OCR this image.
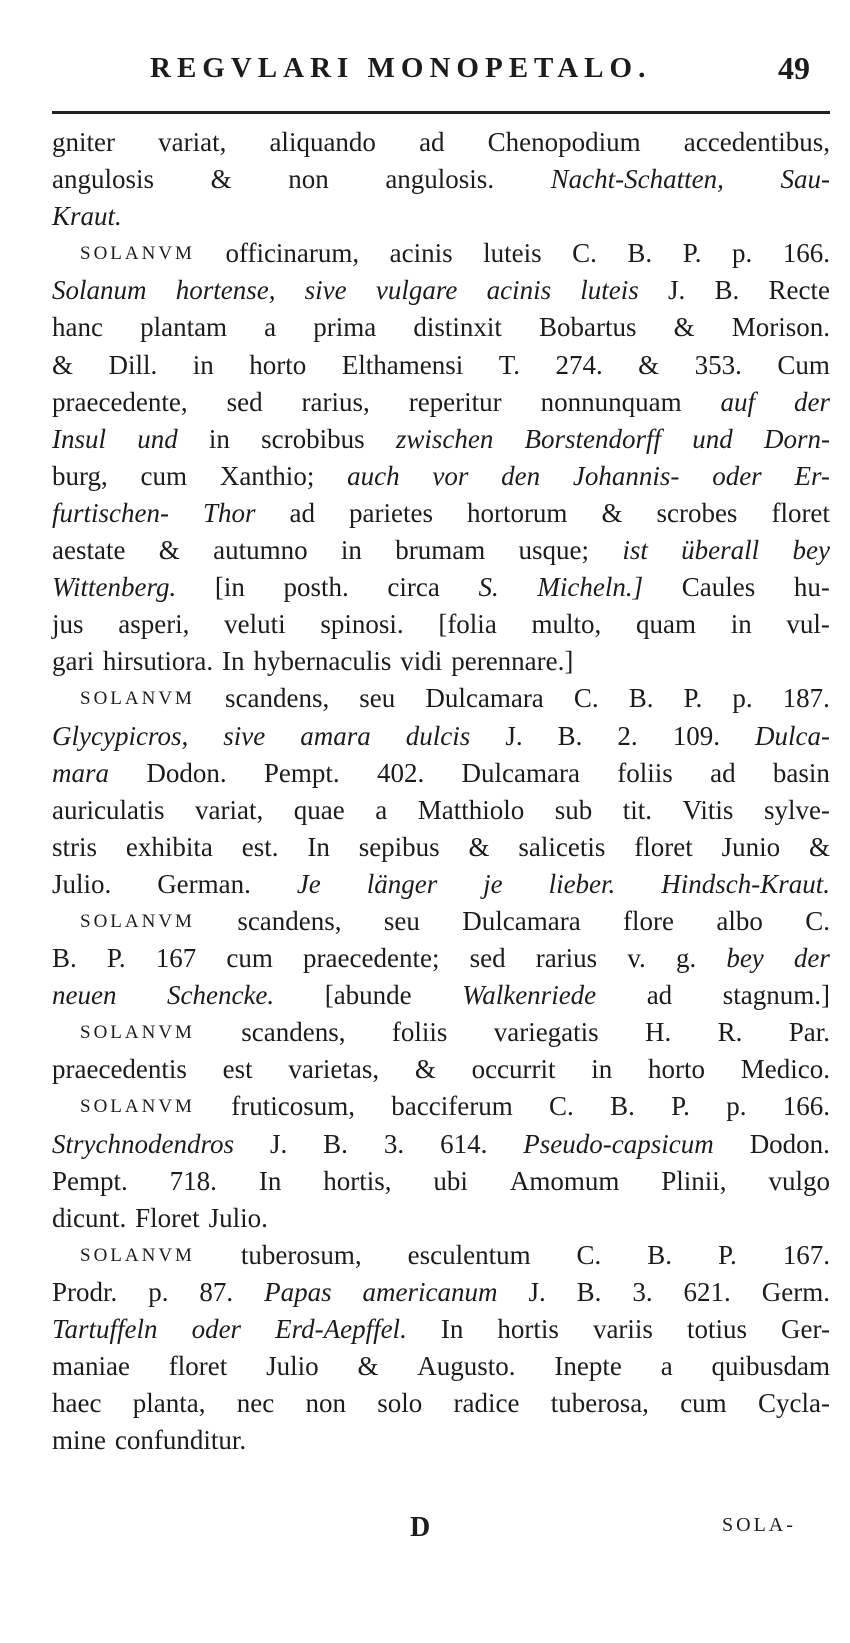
REGVLARI MONOPETALO.	49
gniter variat, aliquando ad Chenopodium accedentibus,
angulosis & non angulosis. Nacht-Schatten, Sau-
Kraut.
SOLANVM officinarum, acinis luteis C. B. P. p. 166.
Solanum hortense, sive vulgare acinis luteis J. B. Recte
hanc plantam a prima distinxit Bobartus & Morison.
& Dill. in horto Elthamensi T. 274. & 353. Cum
praecedente, sed rarius, reperitur nonnunquam auf der
Insul und in scrobibus zwischen Borstendorff und Dorn-
burg, cum Xanthio; auch vor den Johannis- oder Er-
furtischen- Thor ad parietes hortorum & scrobes floret
aestate & autumno in brumam usque; ist überall bey
Wittenberg. [in posth. circa S. Micheln.] Caules hu-
jus asperi, veluti spinosi. [folia multo, quam in vul-
gari hirsutiora. In hybernaculis vidi perennare.]
SOLANVM scandens, seu Dulcamara C. B. P. p. 187.
Glycypicros, sive amara dulcis J. B. 2. 109. Dulca-
mara Dodon. Pempt. 402. Dulcamara foliis ad basin
auriculatis variat, quae a Matthiolo sub tit. Vitis sylve-
stris exhibita est. In sepibus & salicetis floret Junio &
Julio. German. Je länger je lieber. Hindsch-Kraut.
SOLANVM scandens, seu Dulcamara flore albo C.
B. P. 167 cum praecedente; sed rarius v. g. bey der
neuen Schencke. [abunde Walkenriede ad stagnum.]
SOLANVM scandens, foliis variegatis H. R. Par.
praecedentis est varietas, & occurrit in horto Medico.
SOLANVM fruticosum, bacciferum C. B. P. p. 166.
Strychnodendros J. B. 3. 614. Pseudo-capsicum Dodon.
Pempt. 718. In hortis, ubi Amomum Plinii, vulgo
dicunt. Floret Julio.
SOLANVM tuberosum, esculentum C. B. P. 167.
Prodr. p. 87. Papas americanum J. B. 3. 621. Germ.
Tartuffeln oder Erd-Aepffel. In hortis variis totius Ger-
maniae floret Julio & Augusto. Inepte a quibusdam
haec planta, nec non solo radice tuberosa, cum Cycla-
mine confunditur.
D	SOLA-
